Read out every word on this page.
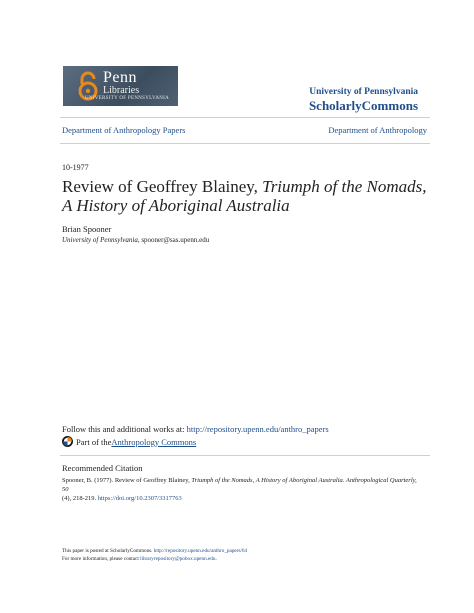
Penn
Libraries
UNIVERSITY OF PENNSYLVANIA
University of Pennsylvania
ScholarlyCommons
Department of Anthropology Papers	Department of Anthropology
10-1977
Review of Geoffrey Blainey, Triumph of the Nomads,
A History of Aboriginal Australia
Brian Spooner
University of Pennsylvania, spooner@sas.upenn.edu
Follow this and additional works at: http://repository.upenn.edu/anthro_papers
Part of the Anthropology Commons
Recommended Citation
Spooner, B. (1977). Review of Geoffrey Blainey, Triumph of the Nomads, A History of Aboriginal Australia. Anthropological Quarterly, 50
(4), 218-219. https://doi.org/10.2307/3317763
This paper is posted at ScholarlyCommons. http://repository.upenn.edu/anthro_papers/64
For more information, please contact libraryrepository@pobox.upenn.edu.
